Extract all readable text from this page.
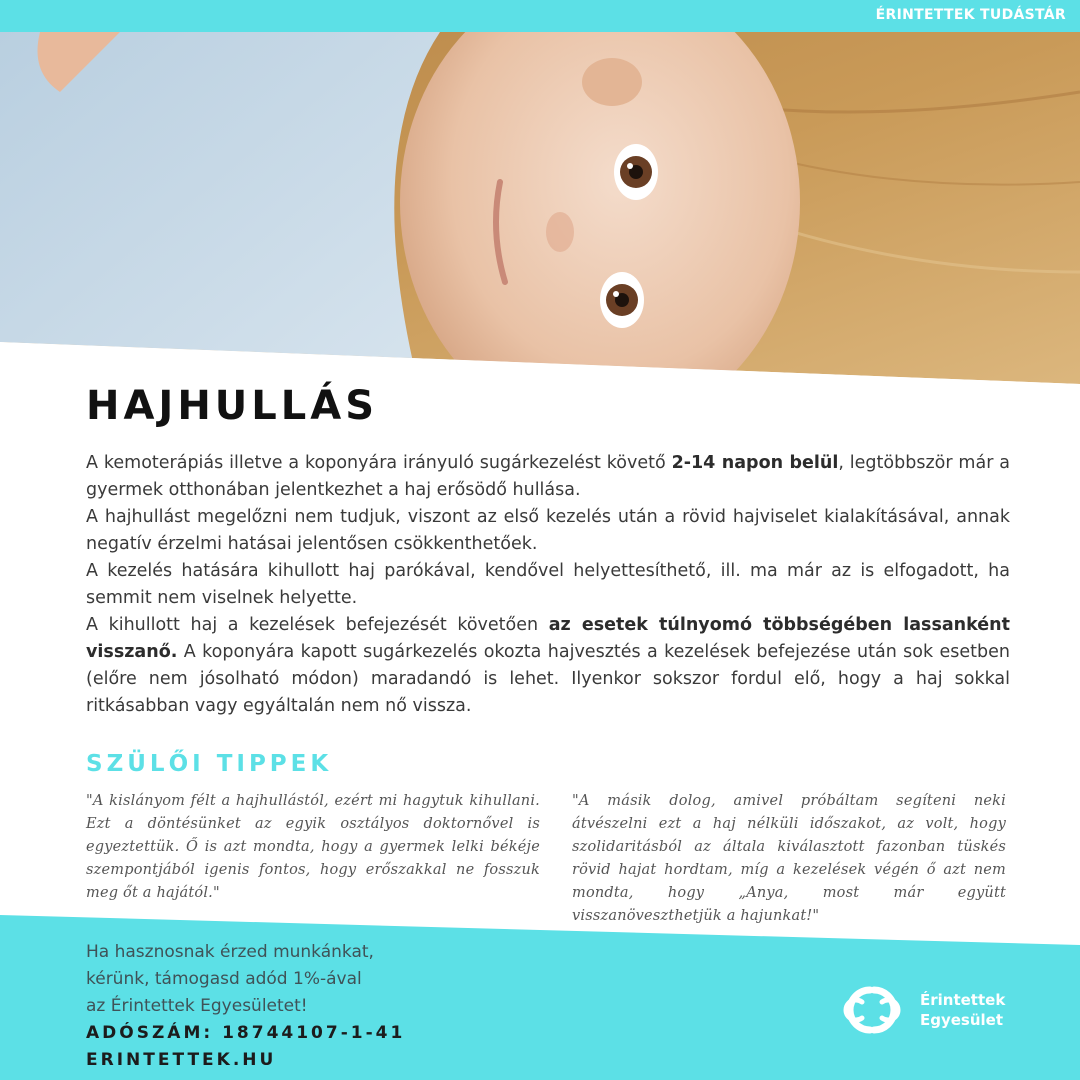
ÉRINTETTEK TUDÁSTÁR
HAJHULLÁS

A kemoterápiás illetve a koponyára irányuló sugárkezelést követő 2-14 napon belül, legtöbbször már a gyermek otthonában jelentkezhet a haj erősödő hullása.

A hajhullást megelőzni nem tudjuk, viszont az első kezelés után a rövid hajviselet kialakításával, annak negatív érzelmi hatásai jelentősen csökkenthetőek.

A kezelés hatására kihullott haj parókával, kendővel helyettesíthető, ill. ma már az is elfogadott, ha semmit nem viselnek helyette.

A kihullott haj a kezelések befejezését követően az esetek túlnyomó többségében lassanként visszanő. A koponyára kapott sugárkezelés okozta hajvesztés a kezelések befejezése után sok esetben (előre nem jósolható módon) maradandó is lehet. Ilyenkor sokszor fordul elő, hogy a haj sokkal ritkásabban vagy egyáltalán nem nő vissza.

SZÜLŐI TIPPEK

"A kislányom félt a hajhullástól, ezért mi hagytuk kihullani. Ezt a döntésünket az egyik osztályos doktornővel is egyeztettük. Ő is azt mondta, hogy a gyermek lelki békéje szempontjából igenis fontos, hogy erőszakkal ne fosszuk meg őt a hajától."

"A másik dolog, amivel próbáltam segíteni neki átvészelni ezt a haj nélküli időszakot, az volt, hogy szolidaritásból az általa kiválasztott fazonban tüskés rövid hajat hordtam, míg a kezelések végén ő azt nem mondta, hogy „Anya, most már együtt visszanöveszthetjük a hajunkat!"

Ha hasznosnak érzed munkánkat,
kérünk, támogasd adód 1%-ával
az Érintettek Egyesületet!
ADÓSZÁM: 18744107-1-41
ERINTETTEK.HU
Érintettek
Egyesület
